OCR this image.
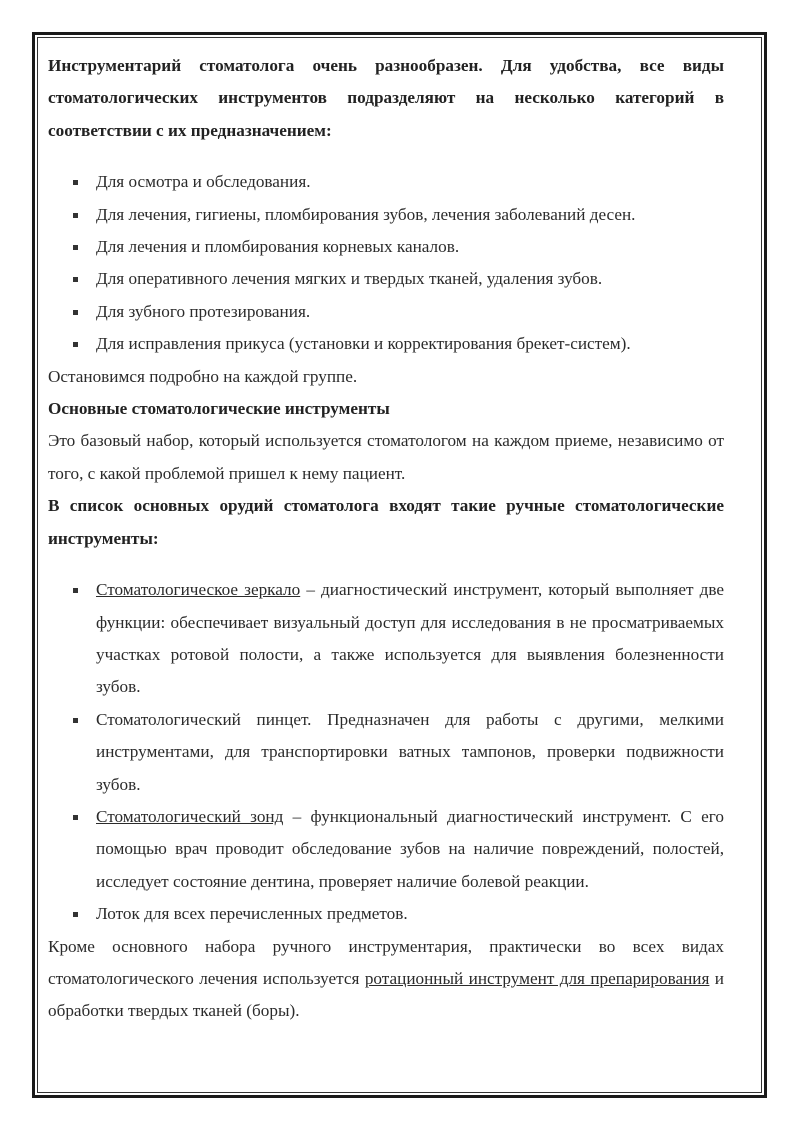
Инструментарий стоматолога очень разнообразен. Для удобства, все виды стоматологических инструментов подразделяют на несколько категорий в соответствии с их предназначением:

Для осмотра и обследования.
Для лечения, гигиены, пломбирования зубов, лечения заболеваний десен.
Для лечения и пломбирования корневых каналов.
Для оперативного лечения мягких и твердых тканей, удаления зубов.
Для зубного протезирования.
Для исправления прикуса (установки и корректирования брекет-систем).

Остановимся подробно на каждой группе.

Основные стоматологические инструменты

Это базовый набор, который используется стоматологом на каждом приеме, независимо от того, с какой проблемой пришел к нему пациент.

В список основных орудий стоматолога входят такие ручные стоматологические инструменты:

Стоматологическое зеркало – диагностический инструмент, который выполняет две функции: обеспечивает визуальный доступ для исследования в не просматриваемых участках ротовой полости, а также используется для выявления болезненности зубов.
Стоматологический пинцет. Предназначен для работы с другими, мелкими инструментами, для транспортировки ватных тампонов, проверки подвижности зубов.
Стоматологический зонд – функциональный диагностический инструмент. С его помощью врач проводит обследование зубов на наличие повреждений, полостей, исследует состояние дентина, проверяет наличие болевой реакции.
Лоток для всех перечисленных предметов.

Кроме основного набора ручного инструментария, практически во всех видах стоматологического лечения используется ротационный инструмент для препарирования и обработки твердых тканей (боры).
